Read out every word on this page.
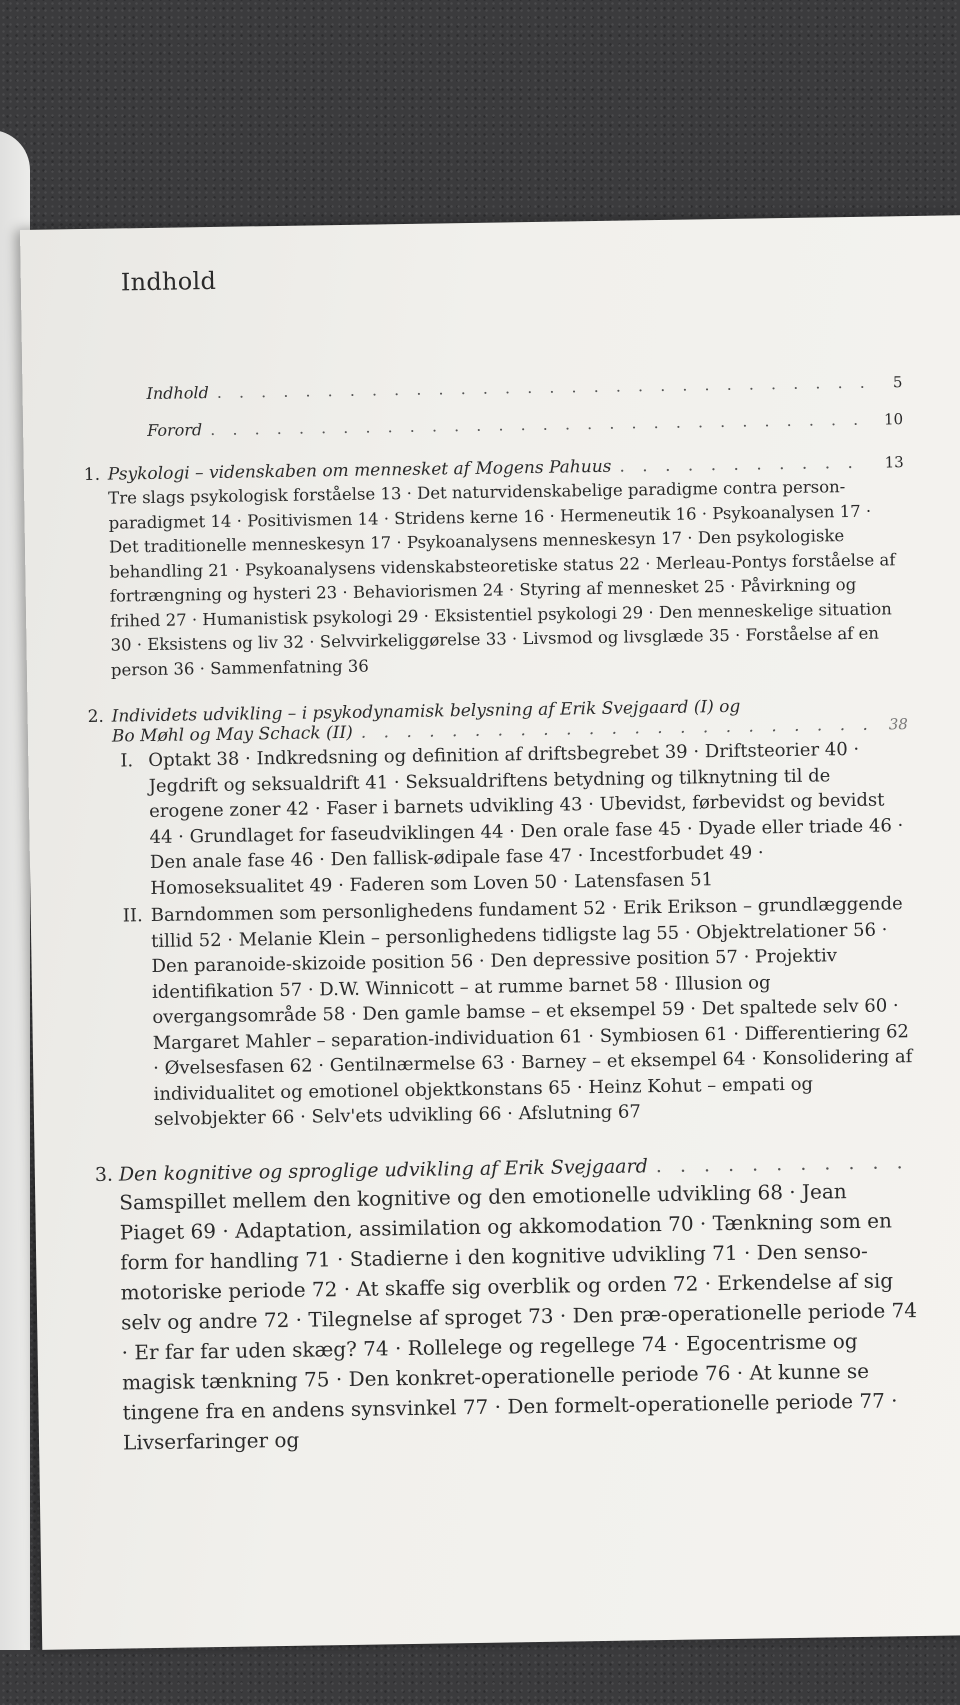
Indhold
Indhold
. . .
5
Forord
. . .
10
1. Psykologi – videnskaben om mennesket af Mogens Pahuus . . .	13
Tre slags psykologisk forståelse 13 · Det naturvidenskabelige paradigme contra person-paradigmet 14 · Positivismen 14 · Stridens kerne 16 · Hermeneutik 16 · Psykoanalysen 17 · Det traditionelle menneskesyn 17 · Psykoanalysens menneskesyn 17 · Den psykologiske behandling 21 · Psykoanalysens videnskabsteoretiske status 22 · Merleau-Pontys forståelse af fortrængning og hysteri 23 · Behaviorismen 24 · Styring af mennesket 25 · Påvirkning og frihed 27 · Humanistisk psykologi 29 · Eksistentiel psykologi 29 · Den menneskelige situation 30 · Eksistens og liv 32 · Selvvirkeliggørelse 33 · Livsmod og livsglæde 35 · Forståelse af en person 36 · Sammenfatning 36
2. Individets udvikling – i psykodynamisk belysning af Erik Svejgaard (I) og
Bo Møhl og May Schack (II) . . .	38
I. Optakt 38 · Indkredsning og definition af driftsbegrebet 39 · Driftsteorier 40 · Jegdrift og seksualdrift 41 · Seksualdriftens betydning og tilknytning til de erogene zoner 42 · Faser i barnets udvikling 43 · Ubevidst, førbevidst og bevidst 44 · Grundlaget for faseudviklingen 44 · Den orale fase 45 · Dyade eller triade 46 · Den anale fase 46 · Den fallisk-ødipale fase 47 · Incestforbudet 49 · Homoseksualitet 49 · Faderen som Loven 50 · Latensfasen 51
II. Barndommen som personlighedens fundament 52 · Erik Erikson – grundlæggende tillid 52 · Melanie Klein – personlighedens tidligste lag 55 · Objektrelationer 56 · Den paranoide-skizoide position 56 · Den depressive position 57 · Projektiv identifikation 57 · D.W. Winnicott – at rumme barnet 58 · Illusion og overgangsområde 58 · Den gamle bamse – et eksempel 59 · Det spaltede selv 60 · Margaret Mahler – separation-individuation 61 · Symbiosen 61 · Differentiering 62 · Øvelsesfasen 62 · Gentilnærmelse 63 · Barney – et eksempel 64 · Konsolidering af individualitet og emotionel objektkonstans 65 · Heinz Kohut – empati og selvobjekter 66 · Selv'ets udvikling 66 · Afslutning 67
3. Den kognitive og sproglige udvikling af Erik Svejgaard
. . .
Samspillet mellem den kognitive og den emotionelle udvikling 68 · Jean Piaget 69 · Adaptation, assimilation og akkomodation 70 · Tænkning som en form for handling 71 · Stadierne i den kognitive udvikling 71 · Den senso-motoriske periode 72 · At skaffe sig overblik og orden 72 · Erkendelse af sig selv og andre 72 · Tilegnelse af sproget 73 · Den præ-operationelle periode 74 · Er far far uden skæg? 74 · Rollelege og regellege 74 · Egocentrisme og magisk tænkning 75 · Den konkret-operationelle periode 76 · At kunne se tingene fra en andens synsvinkel 77 · Den formelt-operationelle periode 77 · Livserfaringer og
